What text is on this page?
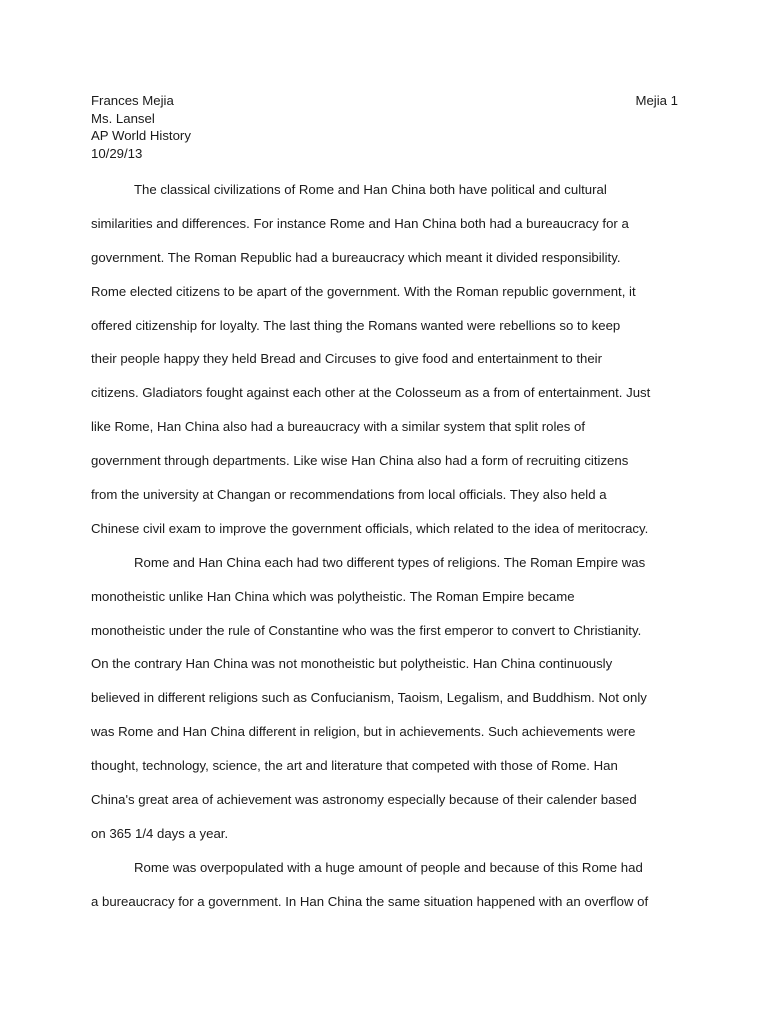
Frances Mejia
Ms. Lansel
AP World History
10/29/13
Mejia 1
The classical civilizations of Rome and Han China both have political and cultural
similarities and differences. For instance Rome and Han China both had a bureaucracy for a
government. The Roman Republic had a bureaucracy which meant it divided responsibility.
Rome elected citizens to be apart of the government. With the Roman republic government, it
offered citizenship for loyalty. The last thing the Romans wanted were rebellions so to keep
their people happy they held Bread and Circuses to give food and entertainment to their
citizens. Gladiators fought against each other at the Colosseum as a from of entertainment. Just
like Rome, Han China also had a bureaucracy with a similar system that split roles of
government through departments. Like wise Han China also had a form of recruiting citizens
from the university at Changan or recommendations from local officials. They also held a
Chinese civil exam to improve the government officials, which related to the idea of meritocracy.
Rome and Han China each had two different types of religions. The Roman Empire was
monotheistic unlike Han China which was polytheistic. The Roman Empire became
monotheistic under the rule of Constantine who was the first emperor to convert to Christianity.
On the contrary Han China was not monotheistic but polytheistic. Han China continuously
believed in different religions such as Confucianism, Taoism, Legalism, and Buddhism. Not only
was Rome and Han China different in religion, but in achievements. Such achievements were
thought, technology, science, the art and literature that competed with those of Rome. Han
China's great area of achievement was astronomy especially because of their calender based
on 365 1/4 days a year.
Rome was overpopulated with a huge amount of people and because of this Rome had
a bureaucracy for a government. In Han China the same situation happened with an overflow of
